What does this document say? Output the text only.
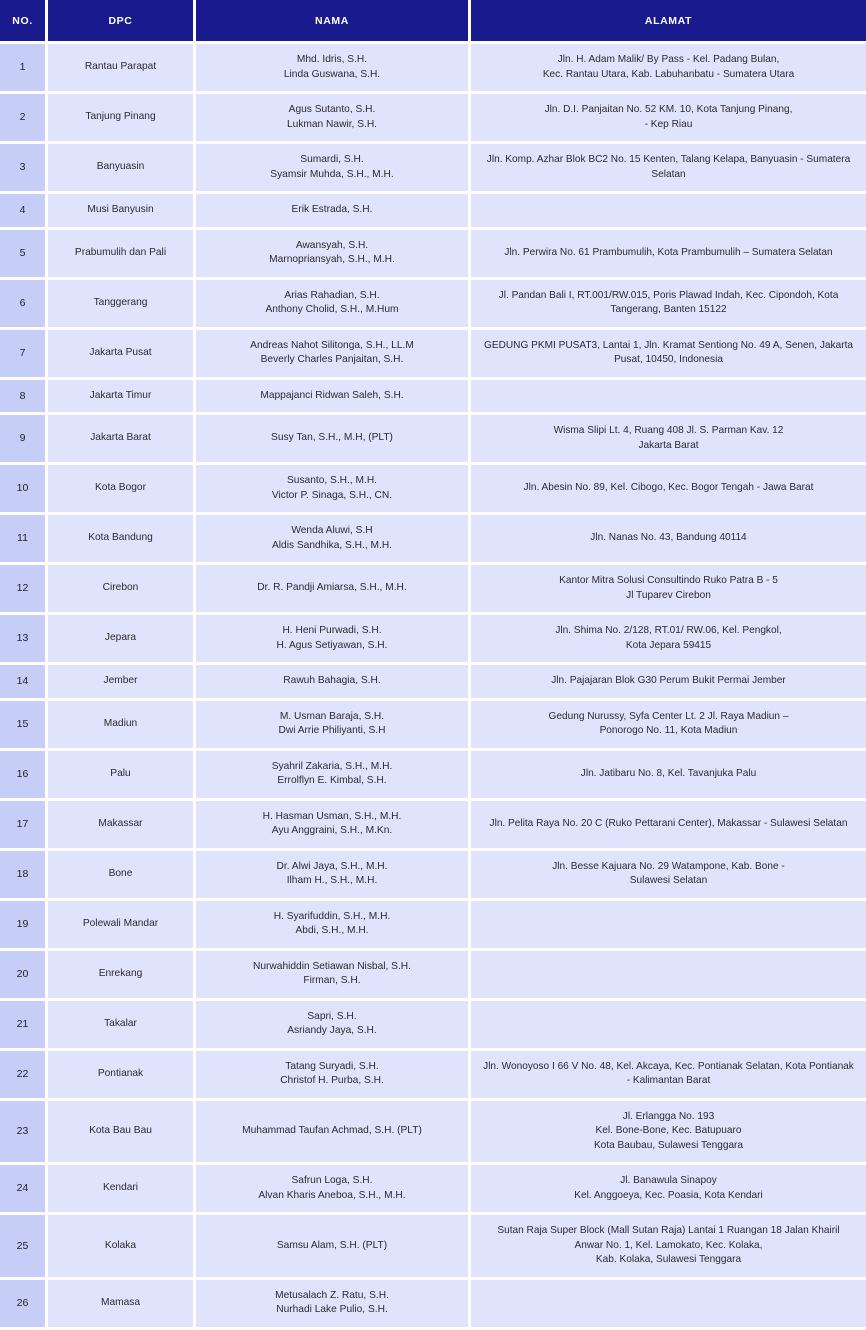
NO.	DPC	NAMA	ALAMAT
1	Rantau Parapat	Mhd. Idris, S.H.
Linda Guswana, S.H.	Jln. H. Adam Malik/ By Pass - Kel. Padang Bulan,
Kec. Rantau Utara, Kab. Labuhanbatu - Sumatera Utara

2	Tanjung Pinang	Agus Sutanto, S.H.
Lukman Nawir, S.H.	Jln. D.I. Panjaitan No. 52 KM. 10, Kota Tanjung Pinang,
- Kep Riau

3	Banyuasin	Sumardi, S.H.
Syamsir Muhda, S.H., M.H.	Jln. Komp. Azhar Blok BC2 No. 15 Kenten, Talang Kelapa, Banyuasin - Sumatera Selatan

4	Musi Banyusin	Erik Estrada, S.H.	

5	Prabumulih dan Pali	Awansyah, S.H.
Marnopriansyah, S.H., M.H.	Jln. Perwira No. 61 Prambumulih, Kota Prambumulih – Sumatera Selatan

6	Tanggerang	Arias Rahadian, S.H.
Anthony Cholid, S.H., M.Hum	Jl. Pandan Bali I, RT.001/RW.015, Poris Plawad Indah, Kec. Cipondoh, Kota Tangerang, Banten 15122

7	Jakarta Pusat	Andreas Nahot Silitonga, S.H., LL.M
Beverly Charles Panjaitan, S.H.	GEDUNG PKMI PUSAT3, Lantai 1, Jln. Kramat Sentiong No. 49 A, Senen, Jakarta Pusat, 10450, Indonesia

8	Jakarta Timur	Mappajanci Ridwan Saleh, S.H.	

9	Jakarta Barat	Susy Tan, S.H., M.H, (PLT)	Wisma Slipi Lt. 4, Ruang 408 Jl. S. Parman Kav. 12
Jakarta Barat

10	Kota Bogor	Susanto, S.H., M.H.
Victor P. Sinaga, S.H., CN.	Jln. Abesin No. 89, Kel. Cibogo, Kec. Bogor Tengah - Jawa Barat

11	Kota Bandung	Wenda Aluwi, S.H
Aldis Sandhika, S.H., M.H.	Jln. Nanas No. 43, Bandung 40114

12	Cirebon	Dr. R. Pandji Amiarsa, S.H., M.H.	Kantor Mitra Solusi Consultindo Ruko Patra B - 5
Jl Tuparev Cirebon

13	Jepara	H. Heni Purwadi, S.H.
H. Agus Setiyawan, S.H.	Jln. Shima No. 2/128, RT.01/ RW.06, Kel. Pengkol,
Kota Jepara 59415

14	Jember	Rawuh Bahagia, S.H.	Jln. Pajajaran Blok G30 Perum Bukit Permai Jember

15	Madiun	M. Usman Baraja, S.H.
Dwi Arrie Philiyanti, S.H	Gedung Nurussy, Syfa Center Lt. 2 Jl. Raya Madiun –
Ponorogo No. 11, Kota Madiun

16	Palu	Syahril Zakaria, S.H., M.H.
Errolflyn E. Kimbal, S.H.	Jln. Jatibaru No. 8, Kel. Tavanjuka Palu

17	Makassar	H. Hasman Usman, S.H., M.H.
Ayu Anggraini, S.H., M.Kn.	Jln. Pelita Raya No. 20 C (Ruko Pettarani Center), Makassar - Sulawesi Selatan

18	Bone	Dr. Alwi Jaya, S.H., M.H.
Ilham H., S.H., M.H.	Jln. Besse Kajuara No. 29 Watampone, Kab. Bone -
Sulawesi Selatan

19	Polewali Mandar	H. Syarifuddin, S.H., M.H.
Abdi, S.H., M.H.	

20	Enrekang	Nurwahiddin Setiawan Nisbal, S.H.
Firman, S.H.	

21	Takalar	Sapri, S.H.
Asriandy Jaya, S.H.	

22	Pontianak	Tatang Suryadi, S.H.
Christof H. Purba, S.H.	Jln. Wonoyoso I 66 V No. 48, Kel. Akcaya, Kec. Pontianak Selatan, Kota Pontianak - Kalimantan Barat

23	Kota Bau Bau	Muhammad Taufan Achmad, S.H. (PLT)	Jl. Erlangga No. 193
Kel. Bone-Bone, Kec. Batupuaro
Kota Baubau, Sulawesi Tenggara

24	Kendari	Safrun Loga, S.H.
Alvan Kharis Aneboa, S.H., M.H.	Jl. Banawula Sinapoy
Kel. Anggoeya, Kec. Poasia, Kota Kendari

25	Kolaka	Samsu Alam, S.H. (PLT)	Sutan Raja Super Block (Mall Sutan Raja) Lantai 1 Ruangan 18 Jalan Khairil
Anwar No. 1, Kel. Lamokato, Kec. Kolaka,
Kab. Kolaka, Sulawesi Tenggara

26	Mamasa	Metusalach Z. Ratu, S.H.
Nurhadi Lake Pulio, S.H.	
